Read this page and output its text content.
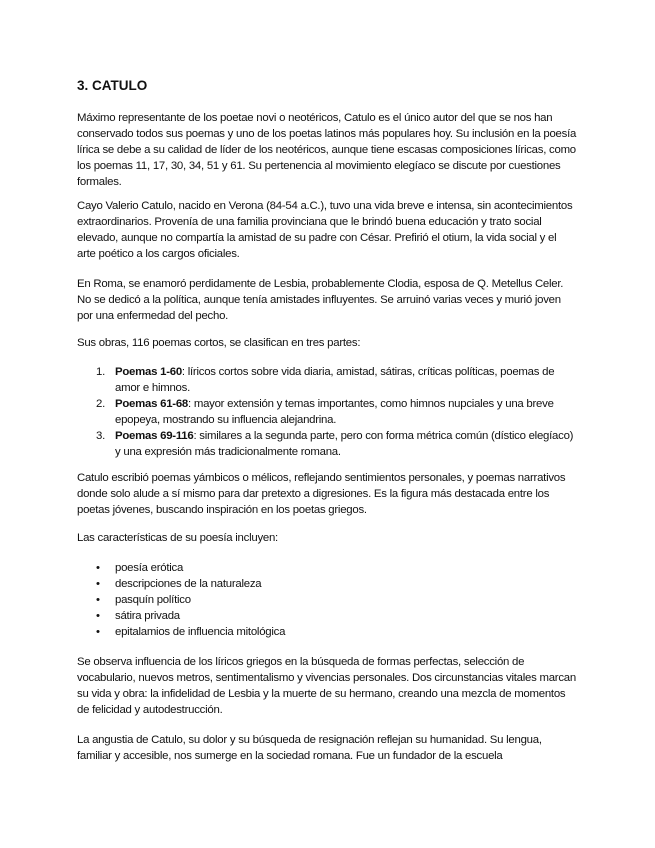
3. CATULO

Máximo representante de los poetae novi o neotéricos, Catulo es el único autor del que se nos han conservado todos sus poemas y uno de los poetas latinos más populares hoy. Su inclusión en la poesía lírica se debe a su calidad de líder de los neotéricos, aunque tiene escasas composiciones líricas, como los poemas 11, 17, 30, 34, 51 y 61. Su pertenencia al movimiento elegíaco se discute por cuestiones formales.

Cayo Valerio Catulo, nacido en Verona (84-54 a.C.), tuvo una vida breve e intensa, sin acontecimientos extraordinarios. Provenía de una familia provinciana que le brindó buena educación y trato social elevado, aunque no compartía la amistad de su padre con César. Prefirió el otium, la vida social y el arte poético a los cargos oficiales.

En Roma, se enamoró perdidamente de Lesbia, probablemente Clodia, esposa de Q. Metellus Celer. No se dedicó a la política, aunque tenía amistades influyentes. Se arruinó varias veces y murió joven por una enfermedad del pecho.

Sus obras, 116 poemas cortos, se clasifican en tres partes:

1. Poemas 1-60: líricos cortos sobre vida diaria, amistad, sátiras, críticas políticas, poemas de amor e himnos.
2. Poemas 61-68: mayor extensión y temas importantes, como himnos nupciales y una breve epopeya, mostrando su influencia alejandrina.
3. Poemas 69-116: similares a la segunda parte, pero con forma métrica común (dístico elegíaco) y una expresión más tradicionalmente romana.

Catulo escribió poemas yámbicos o mélicos, reflejando sentimientos personales, y poemas narrativos donde solo alude a sí mismo para dar pretexto a digresiones. Es la figura más destacada entre los poetas jóvenes, buscando inspiración en los poetas griegos.

Las características de su poesía incluyen:

• poesía erótica
• descripciones de la naturaleza
• pasquín político
• sátira privada
• epitalamios de influencia mitológica

Se observa influencia de los líricos griegos en la búsqueda de formas perfectas, selección de vocabulario, nuevos metros, sentimentalismo y vivencias personales. Dos circunstancias vitales marcan su vida y obra: la infidelidad de Lesbia y la muerte de su hermano, creando una mezcla de momentos de felicidad y autodestrucción.

La angustia de Catulo, su dolor y su búsqueda de resignación reflejan su humanidad. Su lengua, familiar y accesible, nos sumerge en la sociedad romana. Fue un fundador de la escuela
